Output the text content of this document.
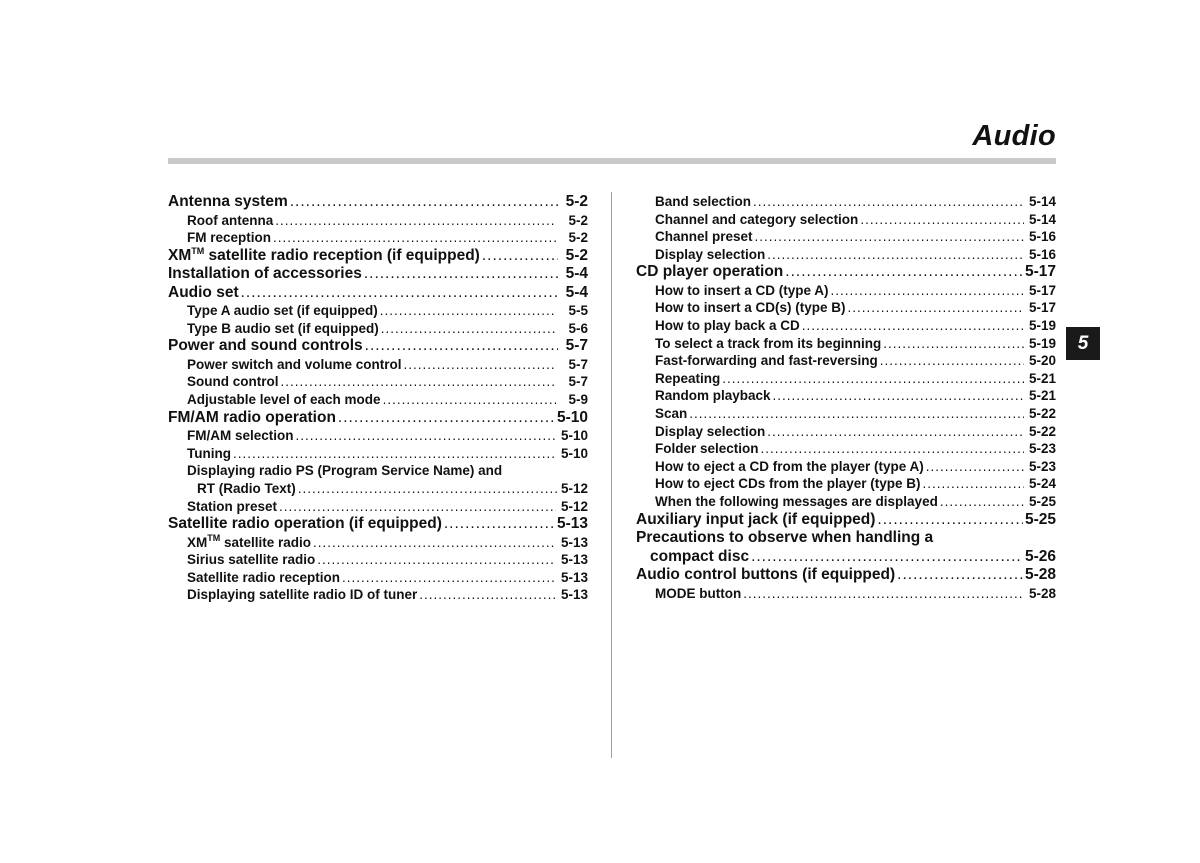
Audio
5
Antenna system .....	5-2
Roof antenna .....	5-2
FM reception .....	5-2
XM™ satellite radio reception (if equipped) .....	5-2
Installation of accessories .....	5-4
Audio set .....	5-4
Type A audio set (if equipped) .....	5-5
Type B audio set (if equipped) .....	5-6
Power and sound controls .....	5-7
Power switch and volume control .....	5-7
Sound control .....	5-7
Adjustable level of each mode .....	5-9
FM/AM radio operation .....	5-10
FM/AM selection .....	5-10
Tuning .....	5-10
Displaying radio PS (Program Service Name) and
RT (Radio Text) .....	5-12
Station preset .....	5-12
Satellite radio operation (if equipped) .....	5-13
XM™ satellite radio .....	5-13
Sirius satellite radio .....	5-13
Satellite radio reception .....	5-13
Displaying satellite radio ID of tuner .....	5-13
Band selection .....	5-14
Channel and category selection .....	5-14
Channel preset .....	5-16
Display selection .....	5-16
CD player operation .....	5-17
How to insert a CD (type A) .....	5-17
How to insert a CD(s) (type B) .....	5-17
How to play back a CD .....	5-19
To select a track from its beginning .....	5-19
Fast-forwarding and fast-reversing .....	5-20
Repeating .....	5-21
Random playback .....	5-21
Scan .....	5-22
Display selection .....	5-22
Folder selection .....	5-23
How to eject a CD from the player (type A) .....	5-23
How to eject CDs from the player (type B) .....	5-24
When the following messages are displayed .....	5-25
Auxiliary input jack (if equipped) .....	5-25
Precautions to observe when handling a
compact disc .....	5-26
Audio control buttons (if equipped) .....	5-28
MODE button .....	5-28
